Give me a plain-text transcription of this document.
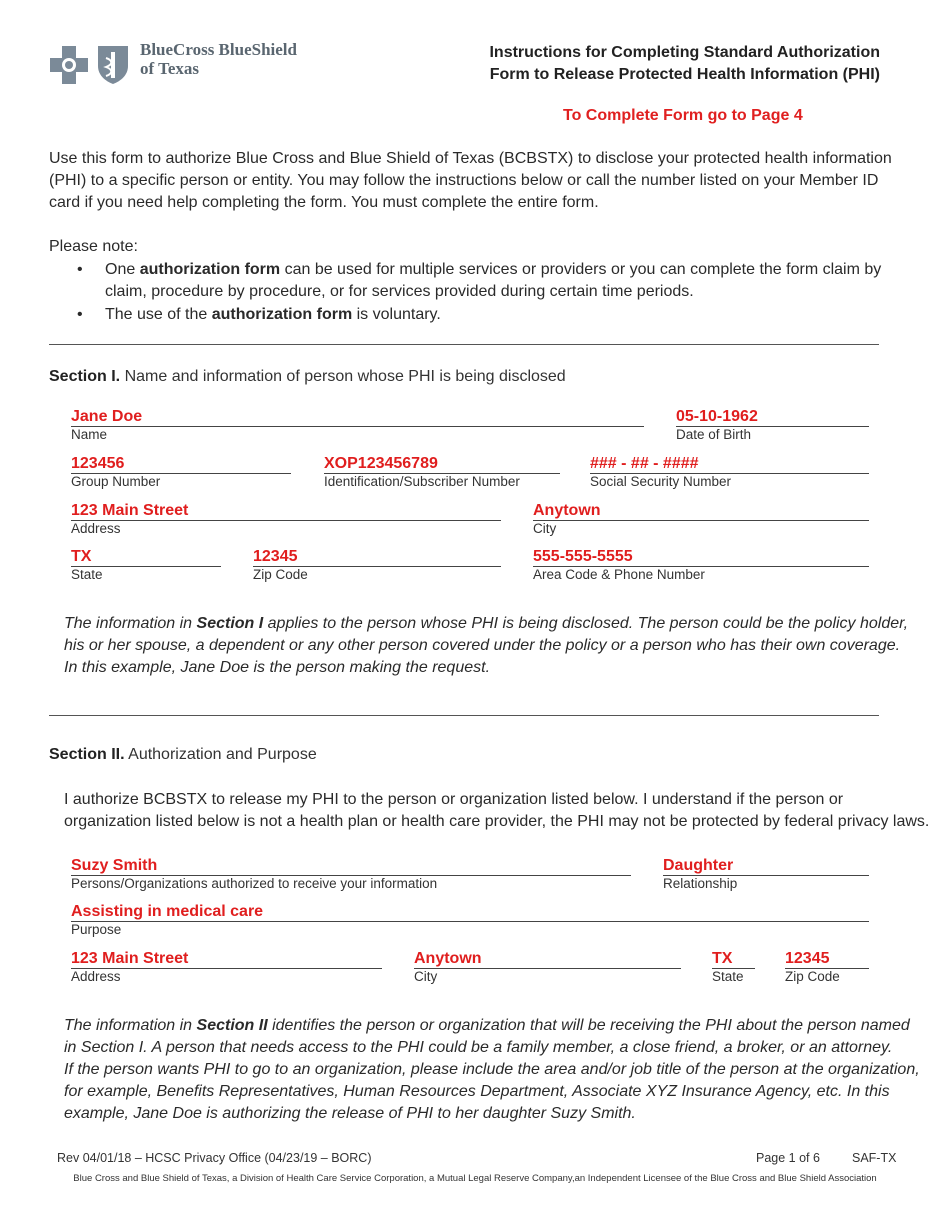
BlueCross BlueShield
of Texas
Instructions for Completing Standard Authorization
Form to Release Protected Health Information (PHI)
To Complete Form go to Page 4
Use this form to authorize Blue Cross and Blue Shield of Texas (BCBSTX) to disclose your protected health information
(PHI) to a specific person or entity. You may follow the instructions below or call the number listed on your Member ID
card if you need help completing the form. You must complete the entire form.
Please note:
• One authorization form can be used for multiple services or providers or you can complete the form claim by
claim, procedure by procedure, or for services provided during certain time periods.
• The use of the authorization form is voluntary.
Section I. Name and information of person whose PHI is being disclosed
Jane Doe
Name
05-10-1962
Date of Birth
123456
Group Number
XOP123456789
Identification/Subscriber Number
### - ## - ####
Social Security Number
123 Main Street
Address
Anytown
City
TX
State
12345
Zip Code
555-555-5555
Area Code & Phone Number
The information in Section I applies to the person whose PHI is being disclosed. The person could be the policy holder,
his or her spouse, a dependent or any other person covered under the policy or a person who has their own coverage.
In this example, Jane Doe is the person making the request.
Section II. Authorization and Purpose
I authorize BCBSTX to release my PHI to the person or organization listed below. I understand if the person or
organization listed below is not a health plan or health care provider, the PHI may not be protected by federal privacy laws.
Suzy Smith
Persons/Organizations authorized to receive your information
Daughter
Relationship
Assisting in medical care
Purpose
123 Main Street
Address
Anytown
City
TX
State
12345
Zip Code
The information in Section II identifies the person or organization that will be receiving the PHI about the person named
in Section I. A person that needs access to the PHI could be a family member, a close friend, a broker, or an attorney.
If the person wants PHI to go to an organization, please include the area and/or job title of the person at the organization,
for example, Benefits Representatives, Human Resources Department, Associate XYZ Insurance Agency, etc. In this
example, Jane Doe is authorizing the release of PHI to her daughter Suzy Smith.
Rev 04/01/18 – HCSC Privacy Office (04/23/19 – BORC)	Page 1 of 6	SAF-TX
Blue Cross and Blue Shield of Texas, a Division of Health Care Service Corporation, a Mutual Legal Reserve Company,an Independent Licensee of the Blue Cross and Blue Shield Association
